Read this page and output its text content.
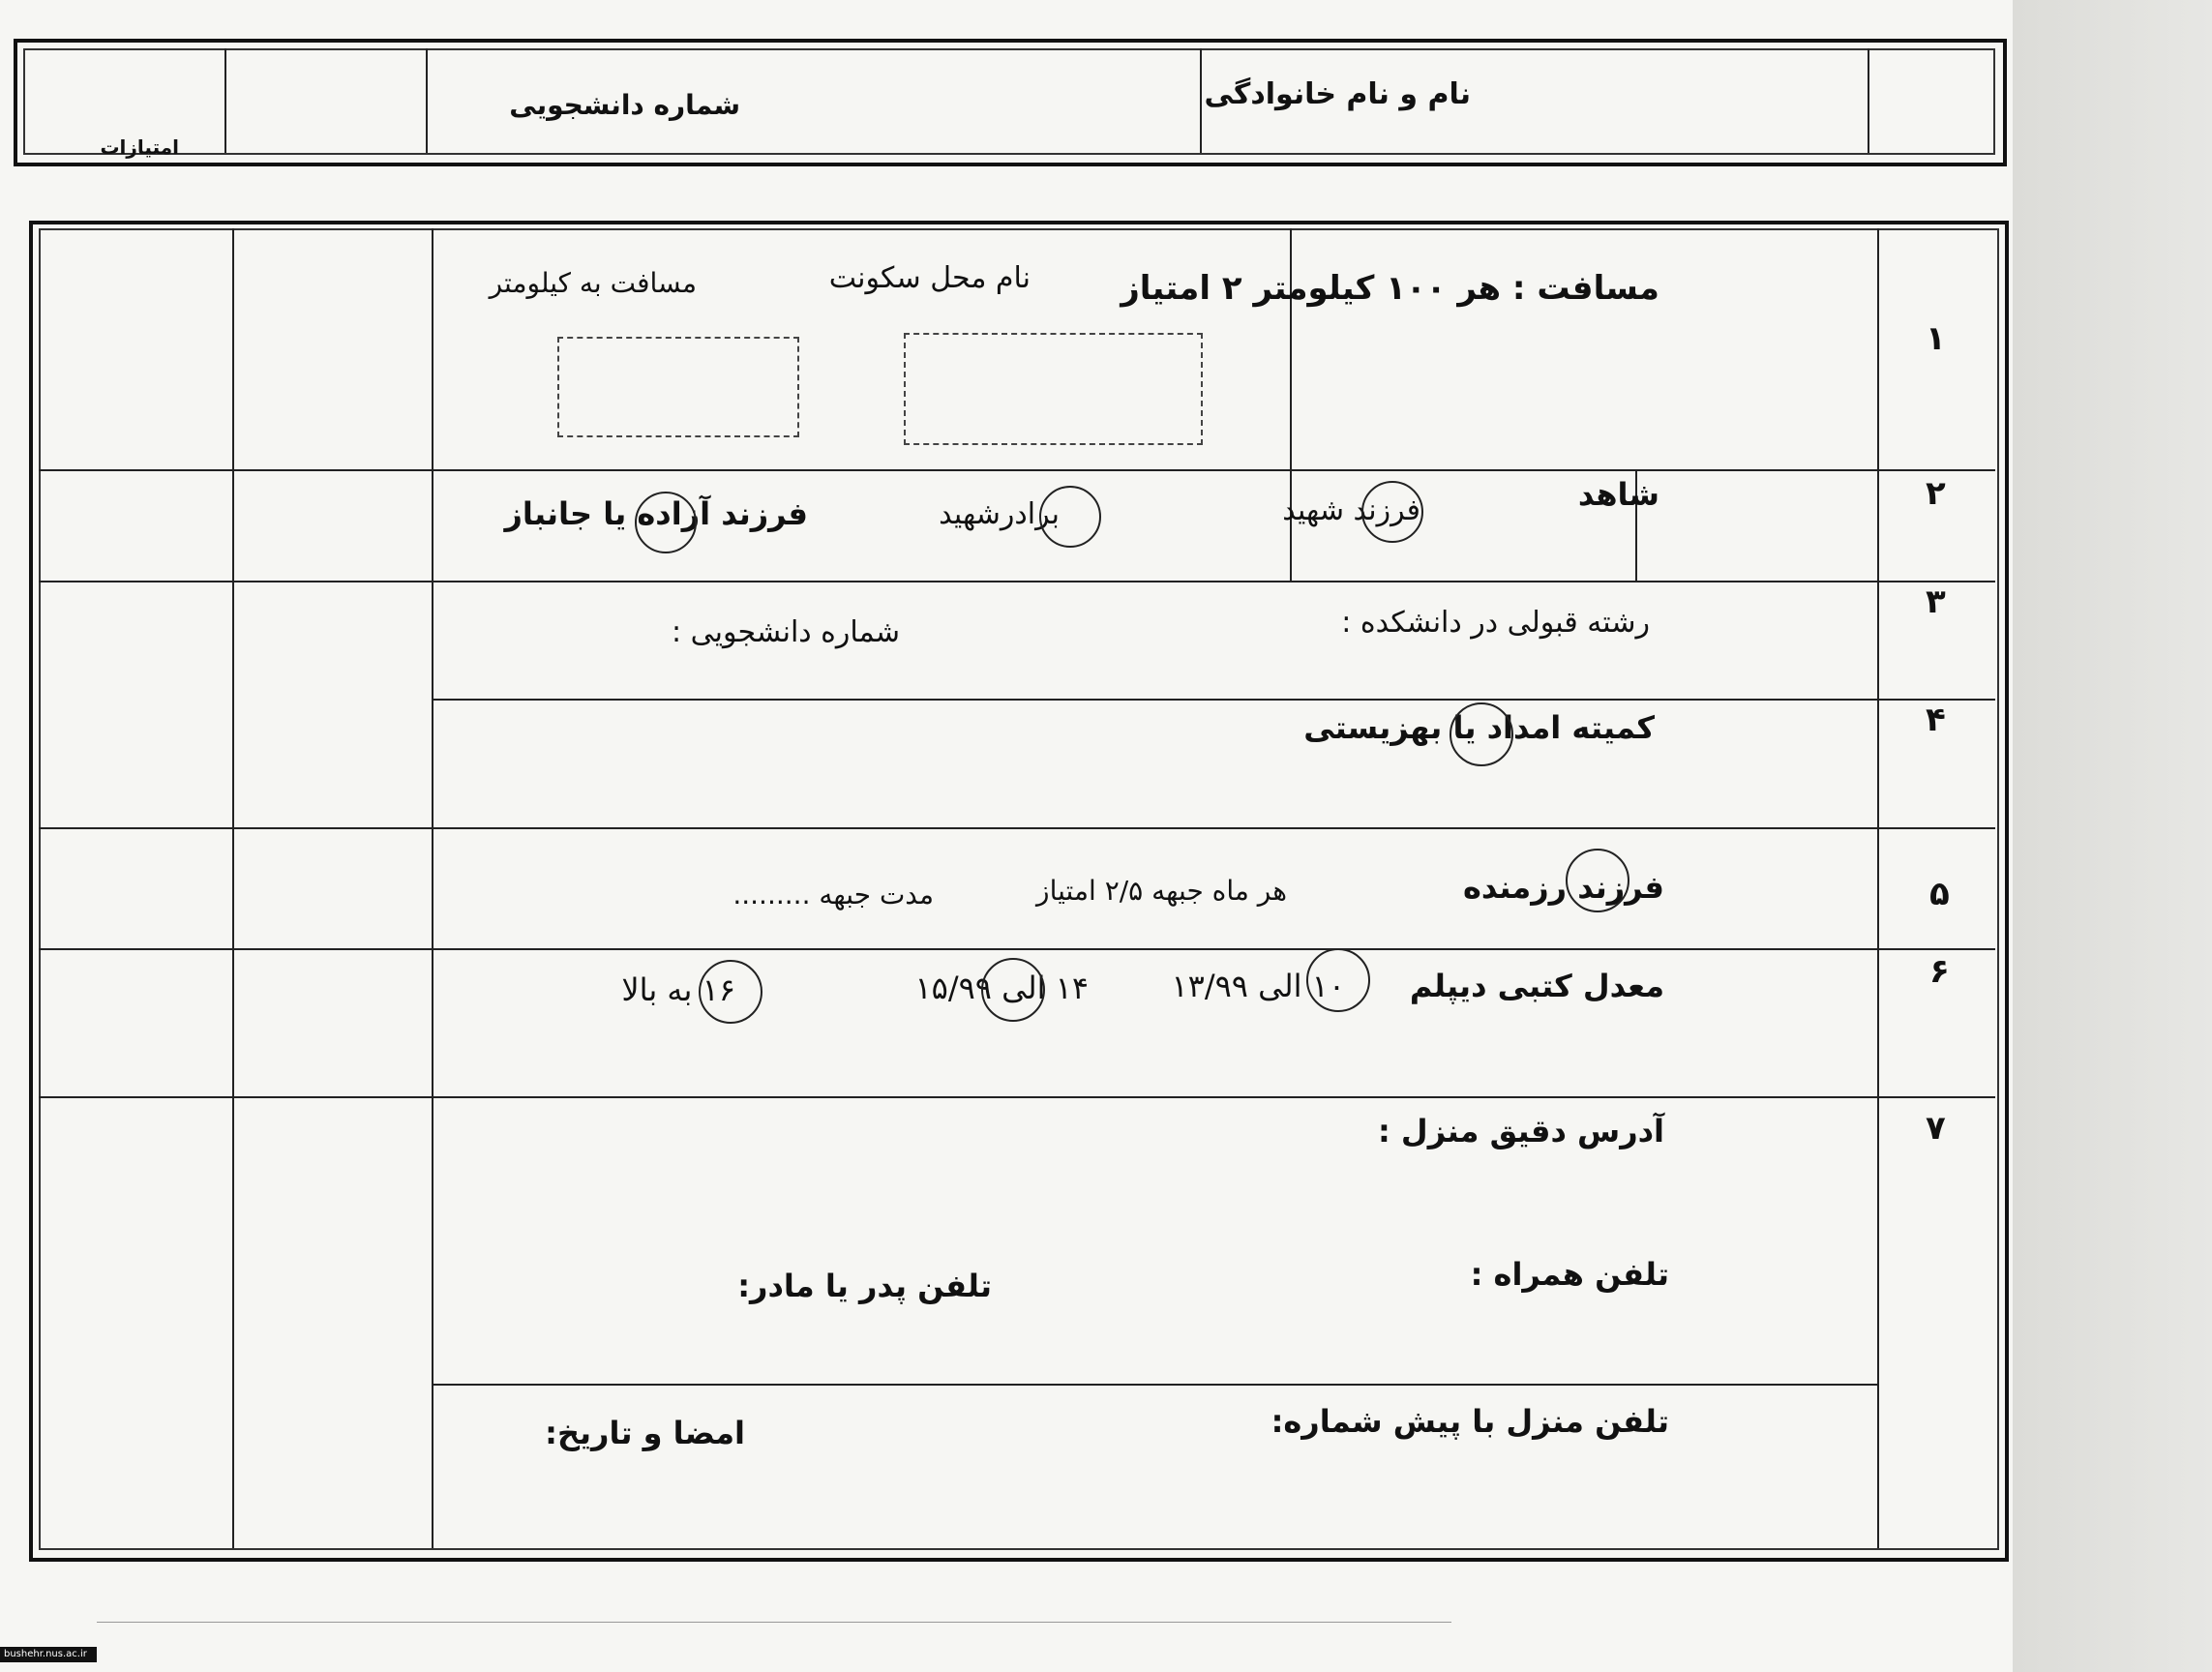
نام و نام خانوادگی
شماره دانشجویی
امتیازات
۱
مسافت : هر ۱۰۰ کیلومتر ۲ امتیاز
نام محل سکونت
مسافت به کیلومتر
۲
شاهد
فرزند شهید
برادرشهید
فرزند آزاده یا جانباز
۳
رشته قبولی در دانشکده :
شماره دانشجویی :
۴
کمیته امداد یا بهزیستی
۵
فرزند رزمنده
هر ماه جبهه ۲/۵ امتیاز
مدت جبهه .........
۶
معدل کتبی دیپلم
۱۰ الی ۱۳/۹۹
۱۴ الی ۱۵/۹۹
۱۶ به بالا
۷
آدرس دقیق منزل :
تلفن همراه :
تلفن پدر یا مادر:
تلفن منزل با پیش شماره:
امضا و تاریخ:
bushehr.nus.ac.ir
